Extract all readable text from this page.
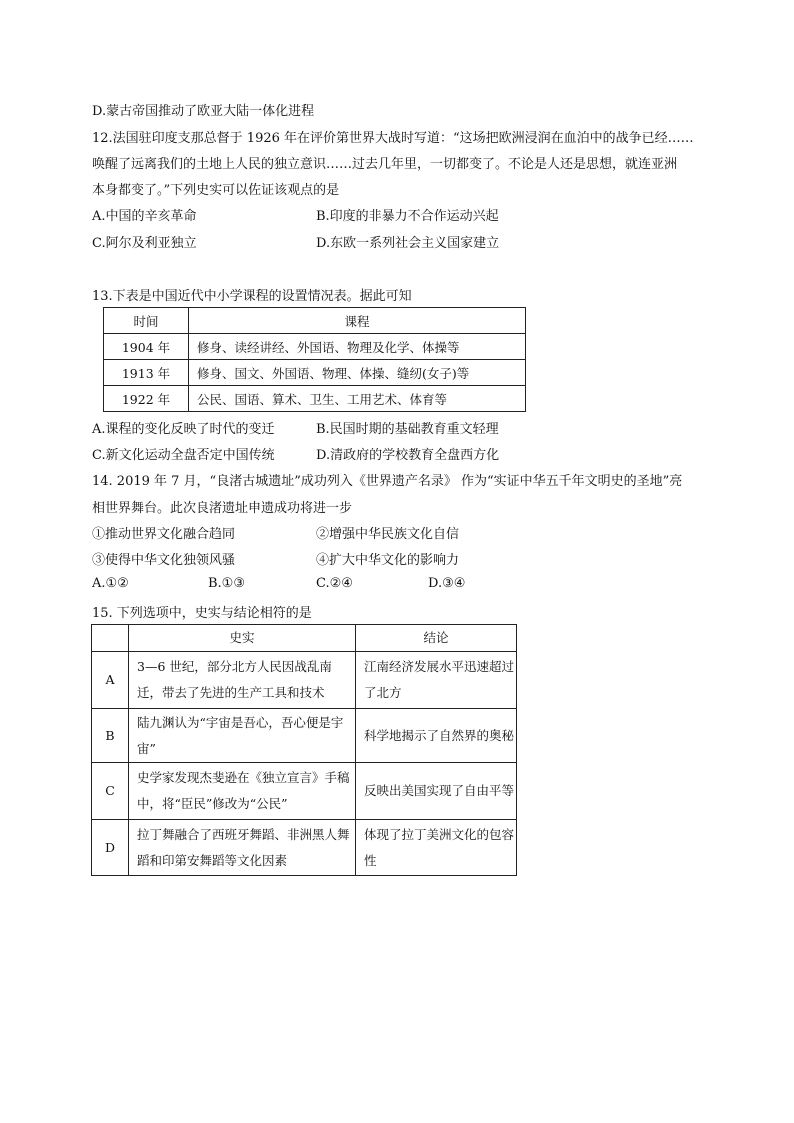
D.蒙古帝国推动了欧亚大陆一体化进程
12.法国驻印度支那总督于 1926 年在评价第世界大战时写道：“这场把欧洲浸润在血泊中的战争已经……
唤醒了远离我们的土地上人民的独立意识……过去几年里，一切都变了。不论是人还是思想，就连亚洲
本身都变了。”下列史实可以佐证该观点的是
A.中国的辛亥革命	B.印度的非暴力不合作运动兴起
C.阿尔及利亚独立	D.东欧一系列社会主义国家建立
13.下表是中国近代中小学课程的设置情况表。据此可知
时间	课程
1904 年	修身、读经讲经、外国语、物理及化学、体操等
1913 年	修身、国文、外国语、物理、体操、缝纫(女子)等
1922 年	公民、国语、算术、卫生、工用艺术、体育等
A.课程的变化反映了时代的变迁	B.民国时期的基础教育重文轻理
C.新文化运动全盘否定中国传统	D.清政府的学校教育全盘西方化
14. 2019 年 7 月，“良渚古城遗址”成功列入《世界遗产名录》 作为“实证中华五千年文明史的圣地”亮
相世界舞台。此次良渚遗址申遗成功将进一步
①推动世界文化融合趋同	②增强中华民族文化自信
③使得中华文化独领风骚	④扩大中华文化的影响力
A.①②	B.①③	C.②④	D.③④
15. 下列选项中，史实与结论相符的是
	史实	结论
A	3—6 世纪，部分北方人民因战乱南迁，带去了先进的生产工具和技术	江南经济发展水平迅速超过了北方
B	陆九渊认为“宇宙是吾心，吾心便是宇宙”	科学地揭示了自然界的奥秘
C	史学家发现杰斐逊在《独立宣言》手稿中，将“臣民”修改为“公民”	反映出美国实现了自由平等
D	拉丁舞融合了西班牙舞蹈、非洲黑人舞蹈和印第安舞蹈等文化因素	体现了拉丁美洲文化的包容性
